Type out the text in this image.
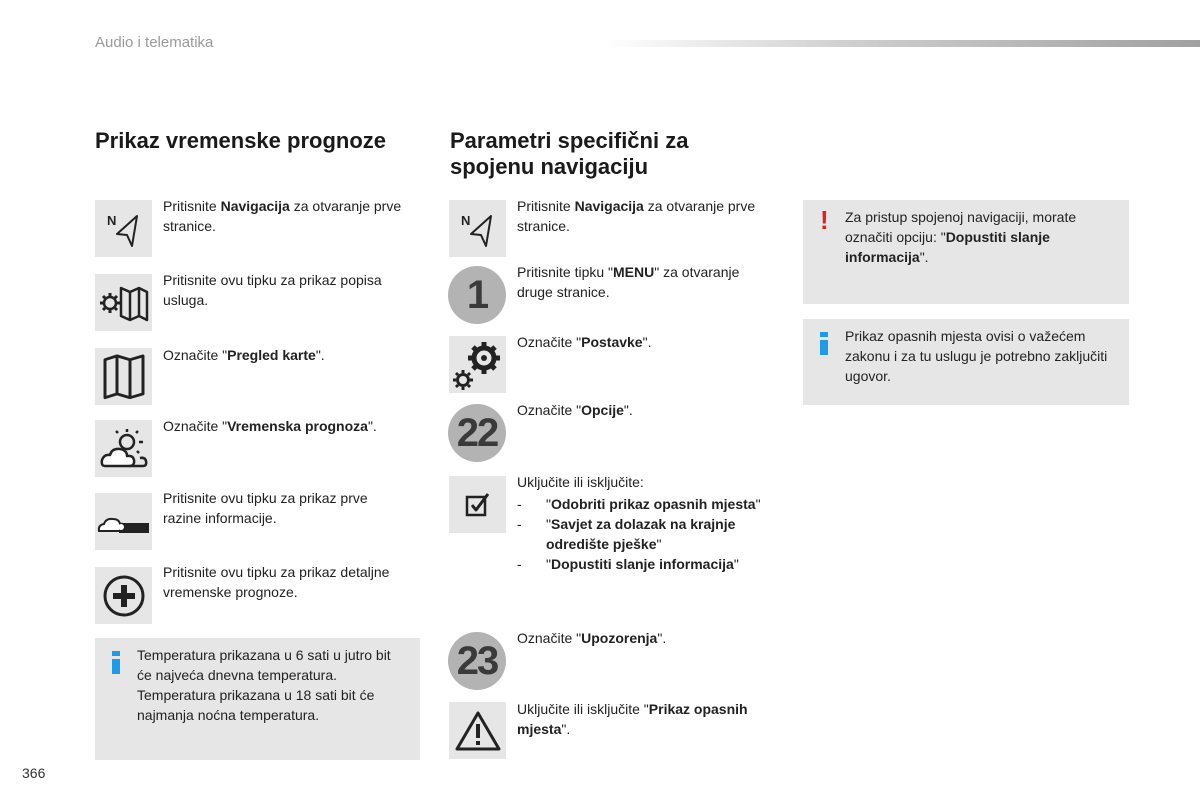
Audio i telematika
Prikaz vremenske prognoze
N
Pritisnite Navigacija za otvaranje prve stranice.
Pritisnite ovu tipku za prikaz popisa usluga.
Označite "Pregled karte".
Označite "Vremenska prognoza".
Pritisnite ovu tipku za prikaz prve razine informacije.
Pritisnite ovu tipku za prikaz detaljne vremenske prognoze.
Temperatura prikazana u 6 sati u jutro bit će najveća dnevna temperatura.
Temperatura prikazana u 18 sati bit će najmanja noćna temperatura.
Parametri specifični za
spojenu navigaciju
N
Pritisnite Navigacija za otvaranje prve stranice.
1
Pritisnite tipku "MENU" za otvaranje druge stranice.
Označite "Postavke".
22
Označite "Opcije".
Uključite ili isključite:
- "Odobriti prikaz opasnih mjesta"
- "Savjet za dolazak na krajnje odredište pješke"
- "Dopustiti slanje informacija"
23
Označite "Upozorenja".
Uključite ili isključite "Prikaz opasnih mjesta".
! Za pristup spojenoj navigaciji, morate označiti opciju: "Dopustiti slanje informacija".
Prikaz opasnih mjesta ovisi o važećem zakonu i za tu uslugu je potrebno zaključiti ugovor.
366
